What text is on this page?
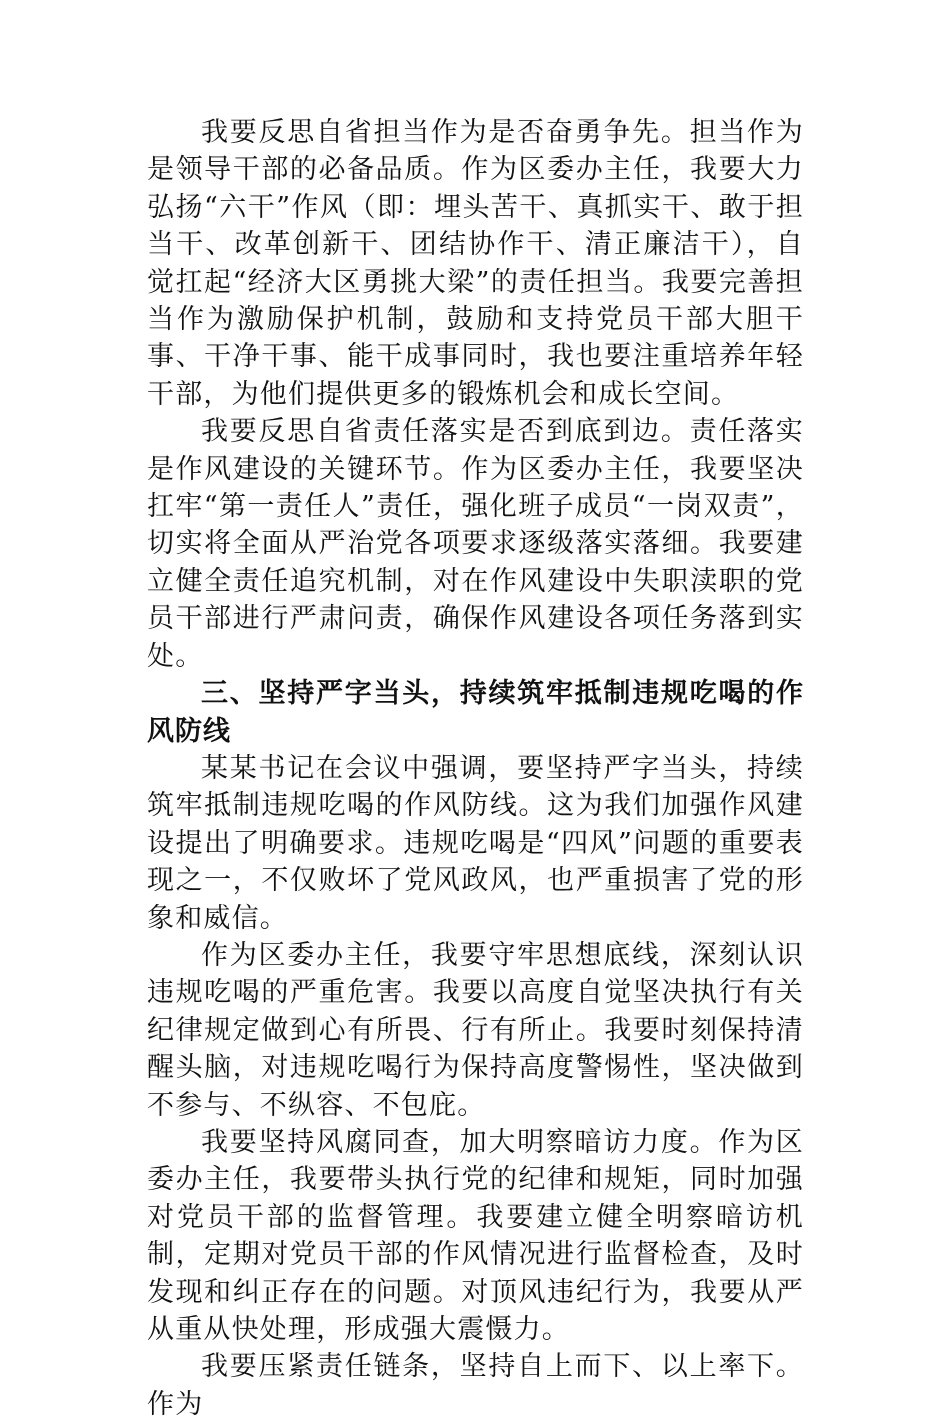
我要反思自省担当作为是否奋勇争先。担当作为是领导干部的必备品质。作为区委办主任，我要大力弘扬“六干”作风（即：埋头苦干、真抓实干、敢于担当干、改革创新干、团结协作干、清正廉洁干），自觉扛起“经济大区勇挑大梁”的责任担当。我要完善担当作为激励保护机制，鼓励和支持党员干部大胆干事、干净干事、能干成事同时，我也要注重培养年轻干部，为他们提供更多的锻炼机会和成长空间。

我要反思自省责任落实是否到底到边。责任落实是作风建设的关键环节。作为区委办主任，我要坚决扛牢“第一责任人”责任，强化班子成员“一岗双责”，切实将全面从严治党各项要求逐级落实落细。我要建立健全责任追究机制，对在作风建设中失职渎职的党员干部进行严肃问责，确保作风建设各项任务落到实处。

三、坚持严字当头，持续筑牢抵制违规吃喝的作风防线

某某书记在会议中强调，要坚持严字当头，持续筑牢抵制违规吃喝的作风防线。这为我们加强作风建设提出了明确要求。违规吃喝是“四风”问题的重要表现之一，不仅败坏了党风政风，也严重损害了党的形象和威信。

作为区委办主任，我要守牢思想底线，深刻认识违规吃喝的严重危害。我要以高度自觉坚决执行有关纪律规定做到心有所畏、行有所止。我要时刻保持清醒头脑，对违规吃喝行为保持高度警惕性，坚决做到不参与、不纵容、不包庇。

我要坚持风腐同查，加大明察暗访力度。作为区委办主任，我要带头执行党的纪律和规矩，同时加强对党员干部的监督管理。我要建立健全明察暗访机制，定期对党员干部的作风情况进行监督检查，及时发现和纠正存在的问题。对顶风违纪行为，我要从严从重从快处理，形成强大震慑力。

我要压紧责任链条，坚持自上而下、以上率下。作为
